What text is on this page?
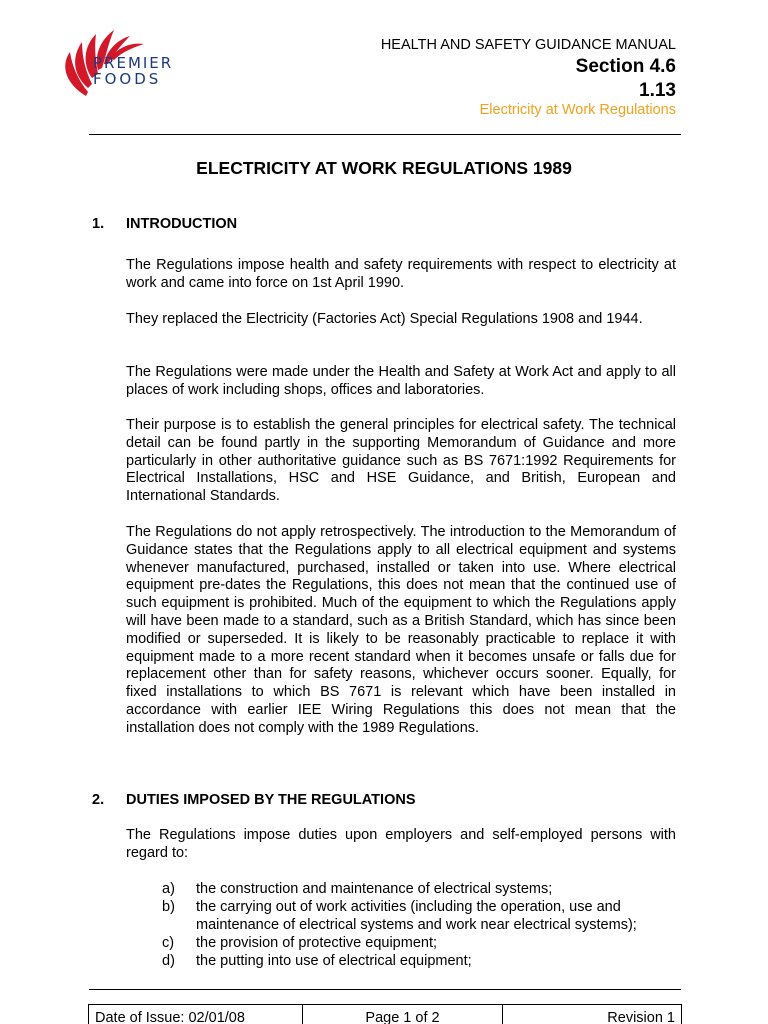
PREMIER
FOODS
HEALTH AND SAFETY GUIDANCE MANUAL
Section 4.6
1.13
Electricity at Work Regulations
ELECTRICITY AT WORK REGULATIONS 1989
1. INTRODUCTION
The Regulations impose health and safety requirements with respect to electricity at work and came into force on 1st April 1990.
They replaced the Electricity (Factories Act) Special Regulations 1908 and 1944.
The Regulations were made under the Health and Safety at Work Act and apply to all places of work including shops, offices and laboratories.
Their purpose is to establish the general principles for electrical safety. The technical detail can be found partly in the supporting Memorandum of Guidance and more particularly in other authoritative guidance such as BS 7671:1992 Requirements for Electrical Installations, HSC and HSE Guidance, and British, European and International Standards.
The Regulations do not apply retrospectively. The introduction to the Memorandum of Guidance states that the Regulations apply to all electrical equipment and systems whenever manufactured, purchased, installed or taken into use. Where electrical equipment pre-dates the Regulations, this does not mean that the continued use of such equipment is prohibited. Much of the equipment to which the Regulations apply will have been made to a standard, such as a British Standard, which has since been modified or superseded. It is likely to be reasonably practicable to replace it with equipment made to a more recent standard when it becomes unsafe or falls due for replacement other than for safety reasons, whichever occurs sooner. Equally, for fixed installations to which BS 7671 is relevant which have been installed in accordance with earlier IEE Wiring Regulations this does not mean that the installation does not comply with the 1989 Regulations.
2. DUTIES IMPOSED BY THE REGULATIONS
The Regulations impose duties upon employers and self-employed persons with regard to:
a) the construction and maintenance of electrical systems;
b) the carrying out of work activities (including the operation, use and maintenance of electrical systems and work near electrical systems);
c) the provision of protective equipment;
d) the putting into use of electrical equipment;
Date of Issue: 02/01/08	Page 1 of 2	Revision 1
